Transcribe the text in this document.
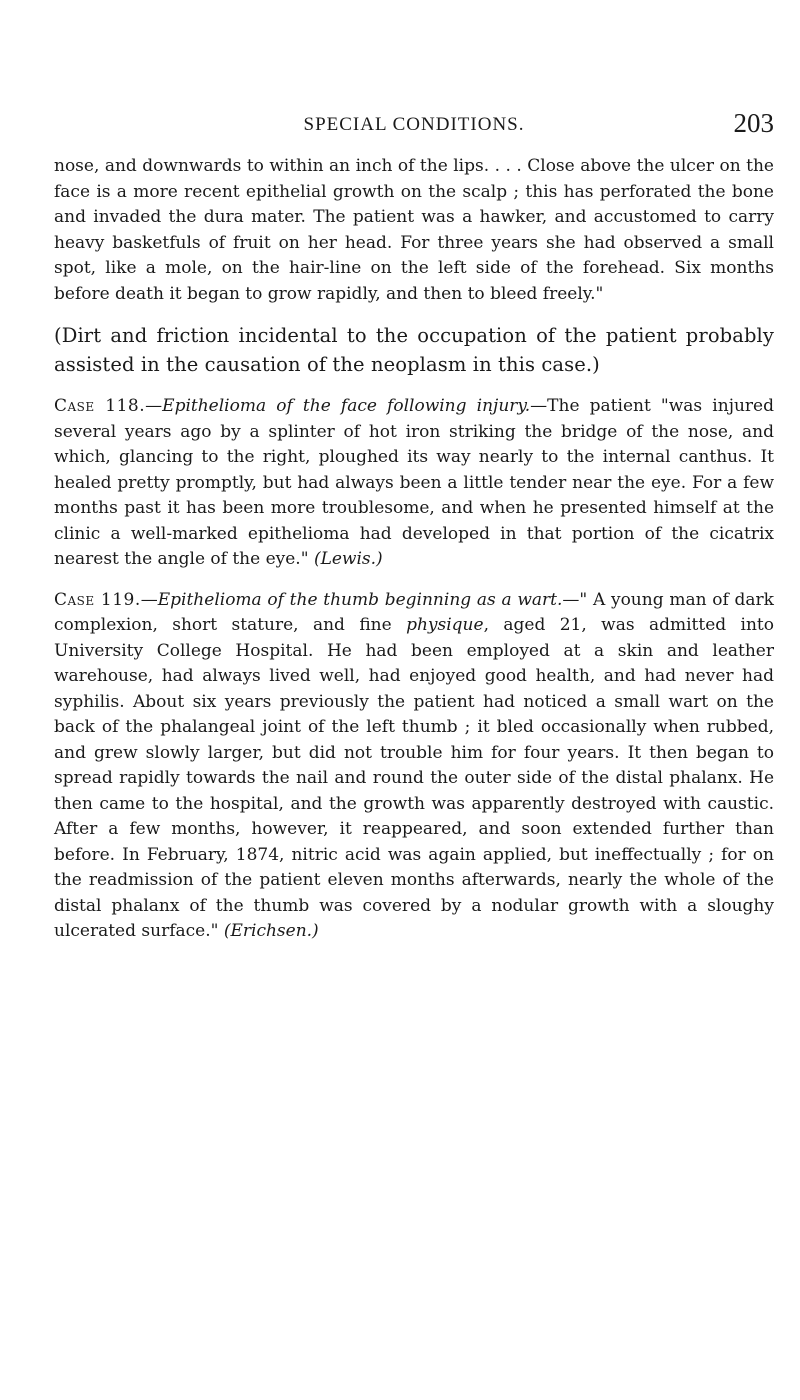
SPECIAL CONDITIONS.	203

nose, and downwards to within an inch of the lips. . . . Close above the ulcer on the face is a more recent epithelial growth on the scalp ; this has perforated the bone and invaded the dura mater. The patient was a hawker, and accustomed to carry heavy basketfuls of fruit on her head. For three years she had observed a small spot, like a mole, on the hair-line on the left side of the forehead. Six months before death it began to grow rapidly, and then to bleed freely."

(Dirt and friction incidental to the occupation of the patient probably assisted in the causation of the neoplasm in this case.)

Case 118.—Epithelioma of the face following injury.—The patient "was injured several years ago by a splinter of hot iron striking the bridge of the nose, and which, glancing to the right, ploughed its way nearly to the internal canthus. It healed pretty promptly, but had always been a little tender near the eye. For a few months past it has been more troublesome, and when he presented himself at the clinic a well-marked epithelioma had developed in that portion of the cicatrix nearest the angle of the eye." (Lewis.)

Case 119.—Epithelioma of the thumb beginning as a wart.—" A young man of dark complexion, short stature, and fine physique, aged 21, was admitted into University College Hospital. He had been employed at a skin and leather warehouse, had always lived well, had enjoyed good health, and had never had syphilis. About six years previously the patient had noticed a small wart on the back of the phalangeal joint of the left thumb ; it bled occasionally when rubbed, and grew slowly larger, but did not trouble him for four years. It then began to spread rapidly towards the nail and round the outer side of the distal phalanx. He then came to the hospital, and the growth was apparently destroyed with caustic. After a few months, however, it reappeared, and soon extended further than before. In February, 1874, nitric acid was again applied, but ineffectually ; for on the readmission of the patient eleven months afterwards, nearly the whole of the distal phalanx of the thumb was covered by a nodular growth with a sloughy ulcerated surface." (Erichsen.)
